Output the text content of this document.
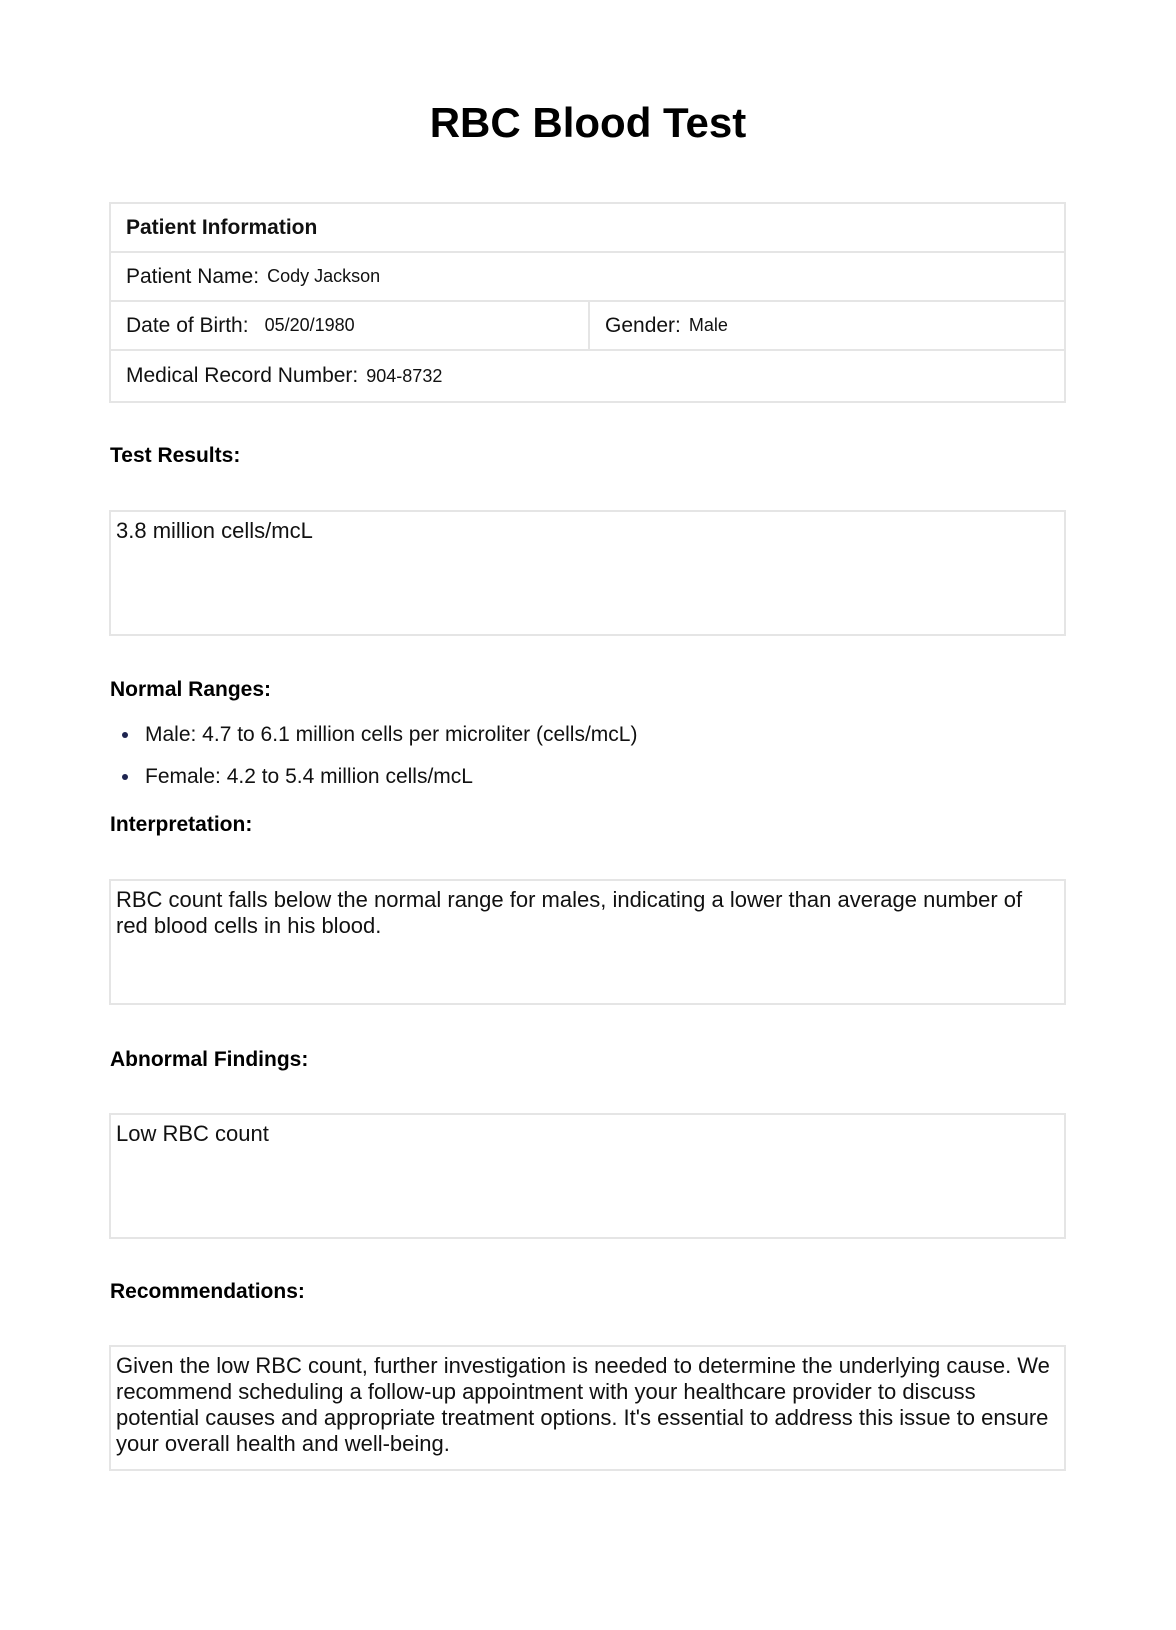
RBC Blood Test
Patient Information
Patient Name: Cody Jackson
Date of Birth: 05/20/1980	Gender: Male
Medical Record Number: 904-8732
Test Results:
3.8 million cells/mcL
Normal Ranges:
Male: 4.7 to 6.1 million cells per microliter (cells/mcL)
Female: 4.2 to 5.4 million cells/mcL
Interpretation:
RBC count falls below the normal range for males, indicating a lower than average number of red blood cells in his blood.
Abnormal Findings:
Low RBC count
Recommendations:
Given the low RBC count, further investigation is needed to determine the underlying cause. We recommend scheduling a follow-up appointment with your healthcare provider to discuss potential causes and appropriate treatment options. It's essential to address this issue to ensure your overall health and well-being.
